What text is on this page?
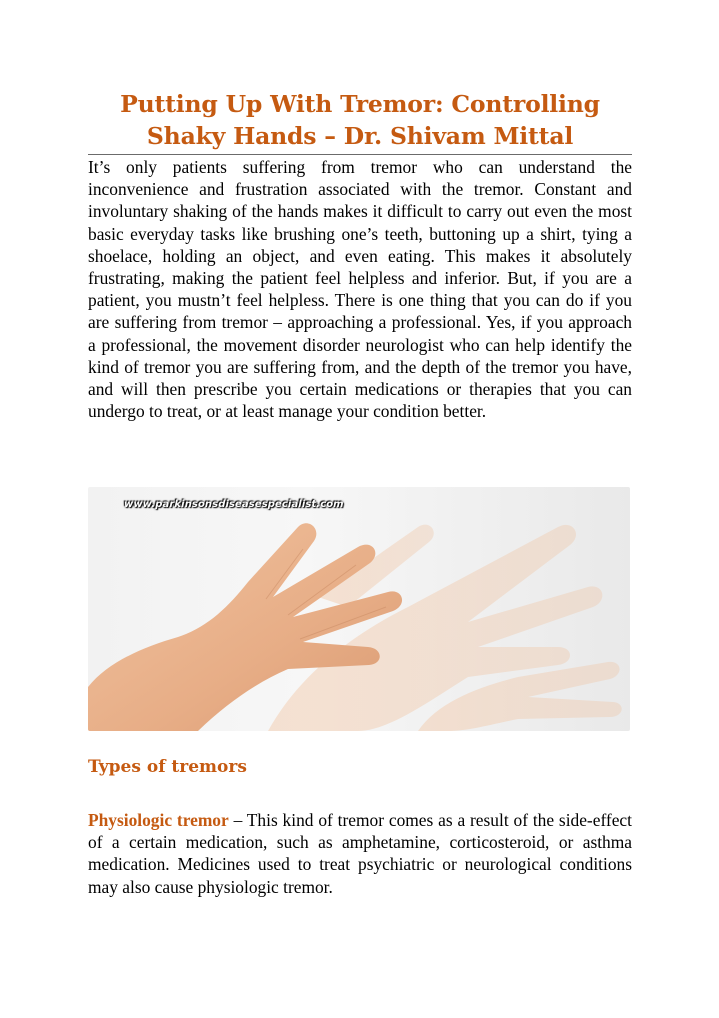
Putting Up With Tremor: Controlling
Shaky Hands – Dr. Shivam Mittal

It’s only patients suffering from tremor who can understand the inconvenience and frustration associated with the tremor. Constant and involuntary shaking of the hands makes it difficult to carry out even the most basic everyday tasks like brushing one’s teeth, buttoning up a shirt, tying a shoelace, holding an object, and even eating. This makes it absolutely frustrating, making the patient feel helpless and inferior. But, if you are a patient, you mustn’t feel helpless. There is one thing that you can do if you are suffering from tremor – approaching a professional. Yes, if you approach a professional, the movement disorder neurologist who can help identify the kind of tremor you are suffering from, and the depth of the tremor you have, and will then prescribe you certain medications or therapies that you can undergo to treat, or at least manage your condition better.

www.parkinsonsdiseasespecialist.com
Types of tremors

Physiologic tremor – This kind of tremor comes as a result of the side-effect of a certain medication, such as amphetamine, corticosteroid, or asthma medication. Medicines used to treat psychiatric or neurological conditions may also cause physiologic tremor.
